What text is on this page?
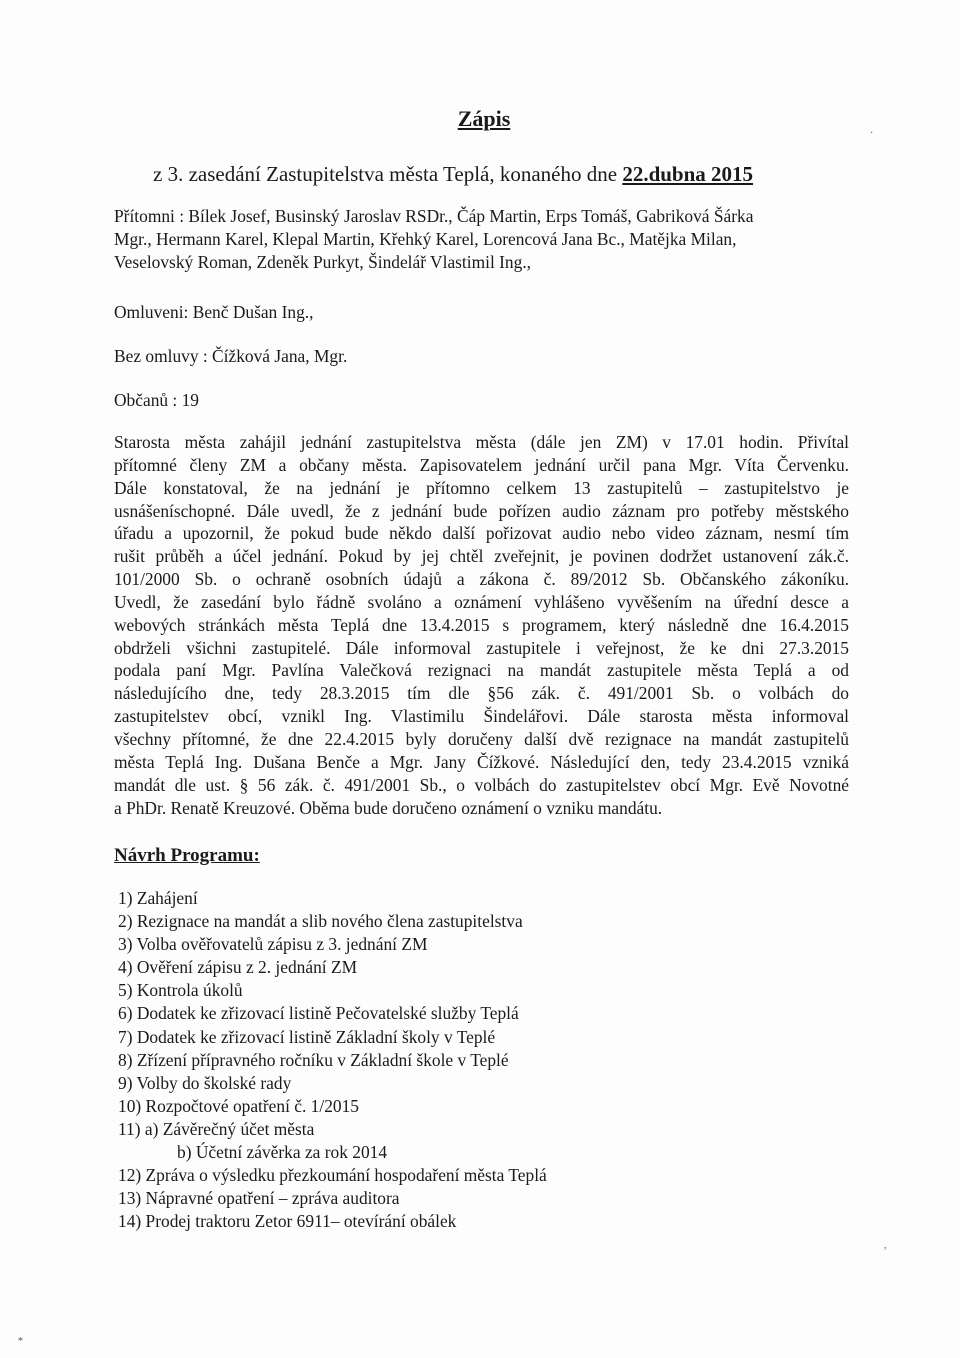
Zápis
z 3. zasedání Zastupitelstva města Teplá, konaného dne 22.dubna 2015
Přítomni : Bílek Josef, Businský Jaroslav RSDr., Čáp Martin, Erps Tomáš, Gabriková Šárka
Mgr., Hermann Karel, Klepal Martin, Křehký Karel, Lorencová Jana Bc., Matějka Milan,
Veselovský Roman, Zdeněk Purkyt, Šindelář Vlastimil Ing.,
Omluveni: Benč Dušan Ing.,
Bez omluvy : Čížková Jana, Mgr.
Občanů : 19
Starosta města zahájil jednání zastupitelstva města (dále jen ZM) v 17.01 hodin. Přivítal
přítomné členy ZM a občany města. Zapisovatelem jednání určil pana Mgr. Víta Červenku.
Dále konstatoval, že na jednání je přítomno celkem 13 zastupitelů – zastupitelstvo je
usnášeníschopné. Dále uvedl, že z jednání bude pořízen audio záznam pro potřeby městského
úřadu a upozornil, že pokud bude někdo další pořizovat audio nebo video záznam, nesmí tím
rušit průběh a účel jednání. Pokud by jej chtěl zveřejnit, je povinen dodržet ustanovení zák.č.
101/2000 Sb. o ochraně osobních údajů a zákona č. 89/2012 Sb. Občanského zákoníku.
Uvedl, že zasedání bylo řádně svoláno a oznámení vyhlášeno vyvěšením na úřední desce a
webových stránkách města Teplá dne 13.4.2015 s programem, který následně dne 16.4.2015
obdrželi všichni zastupitelé. Dále informoval zastupitele i veřejnost, že ke dni 27.3.2015
podala paní Mgr. Pavlína Valečková rezignaci na mandát zastupitele města Teplá a od
následujícího dne, tedy 28.3.2015 tím dle §56 zák. č. 491/2001 Sb. o volbách do
zastupitelstev obcí, vznikl Ing. Vlastimilu Šindelářovi. Dále starosta města informoval
všechny přítomné, že dne 22.4.2015 byly doručeny další dvě rezignace na mandát zastupitelů
města Teplá Ing. Dušana Benče a Mgr. Jany Čížkové. Následující den, tedy 23.4.2015 vzniká
mandát dle ust. § 56 zák. č. 491/2001 Sb., o volbách do zastupitelstev obcí Mgr. Evě Novotné
a PhDr. Renatě Kreuzové. Oběma bude doručeno oznámení o vzniku mandátu.
Návrh Programu:
1) Zahájení
2) Rezignace na mandát a slib nového člena zastupitelstva
3) Volba ověřovatelů zápisu z 3. jednání ZM
4) Ověření zápisu z 2. jednání ZM
5) Kontrola úkolů
6) Dodatek ke zřizovací listině Pečovatelské služby Teplá
7) Dodatek ke zřizovací listině Základní školy v Teplé
8) Zřízení přípravného ročníku v Základní škole v Teplé
9) Volby do školské rady
10) Rozpočtové opatření č. 1/2015
11) a) Závěrečný účet města
b) Účetní závěrka za rok 2014
12) Zpráva o výsledku přezkoumání hospodaření města Teplá
13) Nápravné opatření – zpráva auditora
14) Prodej traktoru Zetor 6911– otevírání obálek
·
,
*
